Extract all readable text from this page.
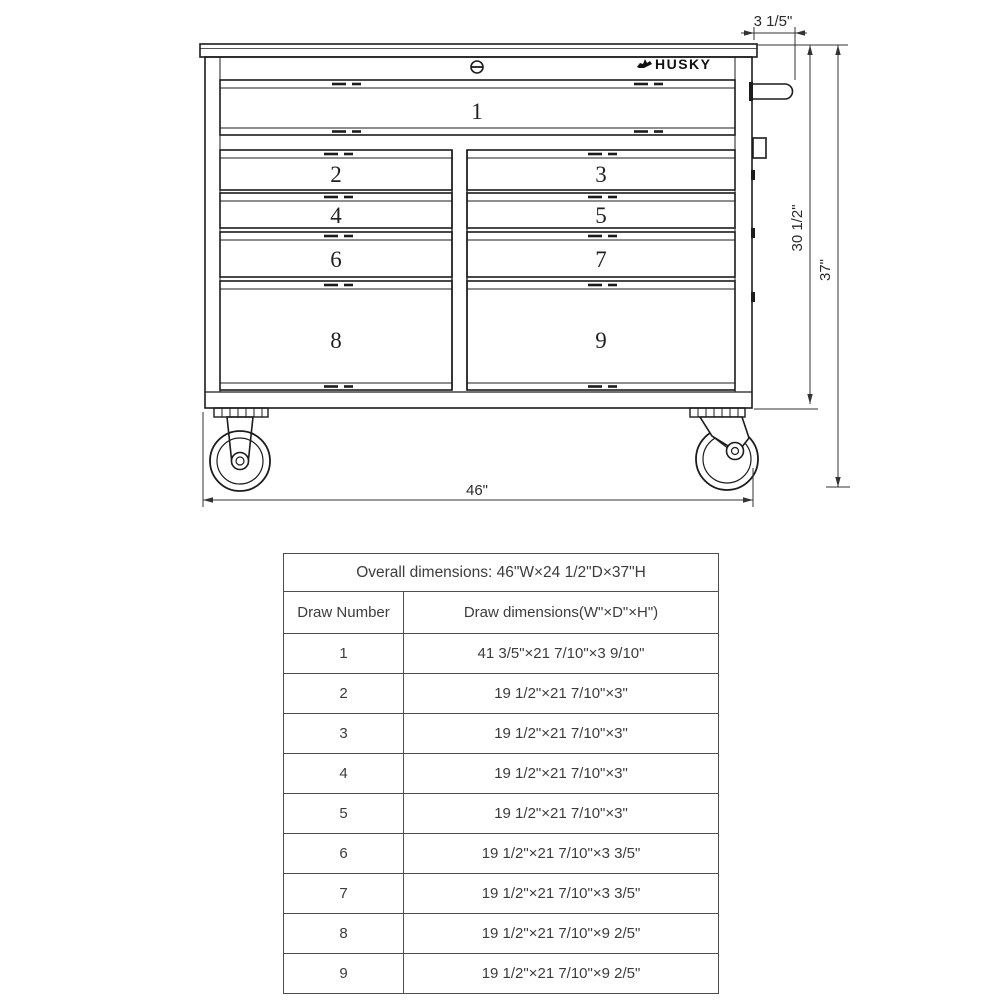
HUSKY
1
2	3
4	5
6	7
8	9
3 1/5"
30 1/2"
37"
46"
Overall dimensions: 46"W×24 1/2"D×37"H	
Draw Number	Draw dimensions(W"×D"×H")
1	41 3/5"×21 7/10"×3 9/10"
2	19 1/2"×21 7/10"×3"
3	19 1/2"×21 7/10"×3"
4	19 1/2"×21 7/10"×3"
5	19 1/2"×21 7/10"×3"
6	19 1/2"×21 7/10"×3 3/5"
7	19 1/2"×21 7/10"×3 3/5"
8	19 1/2"×21 7/10"×9 2/5"
9	19 1/2"×21 7/10"×9 2/5"
